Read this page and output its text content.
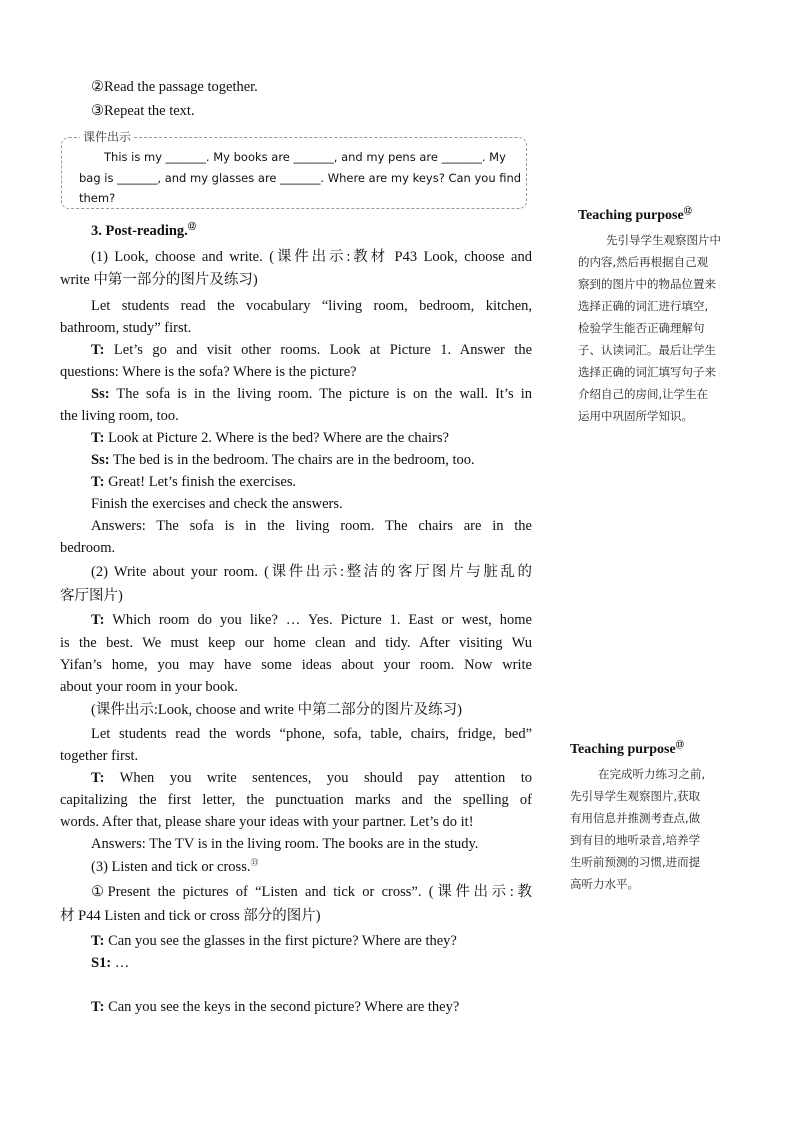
②Read the passage together.
③Repeat the text.
课件出示
This is my _______. My books are _______, and my pens are _______. My
bag is _______, and my glasses are _______. Where are my keys? Can you find
them?
3. Post-reading.⑫
(1) Look, choose and write. (课件出示:教材 P43 Look, choose and
write 中第一部分的图片及练习)
Let students read the vocabulary “living room, bedroom, kitchen,
bathroom, study” first.
T: Let’s go and visit other rooms. Look at Picture 1. Answer the
questions: Where is the sofa? Where is the picture?
Ss: The sofa is in the living room. The picture is on the wall. It’s in
the living room, too.
T: Look at Picture 2. Where is the bed? Where are the chairs?
Ss: The bed is in the bedroom. The chairs are in the bedroom, too.
T: Great! Let’s finish the exercises.
Finish the exercises and check the answers.
Answers: The sofa is in the living room. The chairs are in the
bedroom.
(2) Write about your room. (课件出示:整洁的客厅图片与脏乱的
客厅图片)
T: Which room do you like? … Yes. Picture 1. East or west, home
is the best. We must keep our home clean and tidy. After visiting Wu
Yifan’s home, you may have some ideas about your room. Now write
about your room in your book.
(课件出示:Look, choose and write 中第二部分的图片及练习)
Let students read the words “phone, sofa, table, chairs, fridge, bed”
together first.
T: When you write sentences, you should pay attention to
capitalizing the first letter, the punctuation marks and the spelling of
words. After that, please share your ideas with your partner. Let’s do it!
Answers: The TV is in the living room. The books are in the study.
(3) Listen and tick or cross.⑬
①Present the pictures of “Listen and tick or cross”. (课件出示:教
材 P44 Listen and tick or cross 部分的图片)
T: Can you see the glasses in the first picture? Where are they?
S1: …
T: Can you see the keys in the second picture? Where are they?
Teaching purpose⑫
先引导学生观察图片中
的内容,然后再根据自己观
察到的图片中的物品位置来
选择正确的词汇进行填空,
检验学生能否正确理解句
子、认读词汇。最后让学生
选择正确的词汇填写句子来
介绍自己的房间,让学生在
运用中巩固所学知识。
Teaching purpose⑬
在完成听力练习之前,
先引导学生观察图片,获取
有用信息并推测考查点,做
到有目的地听录音,培养学
生听前预测的习惯,进而提
高听力水平。
